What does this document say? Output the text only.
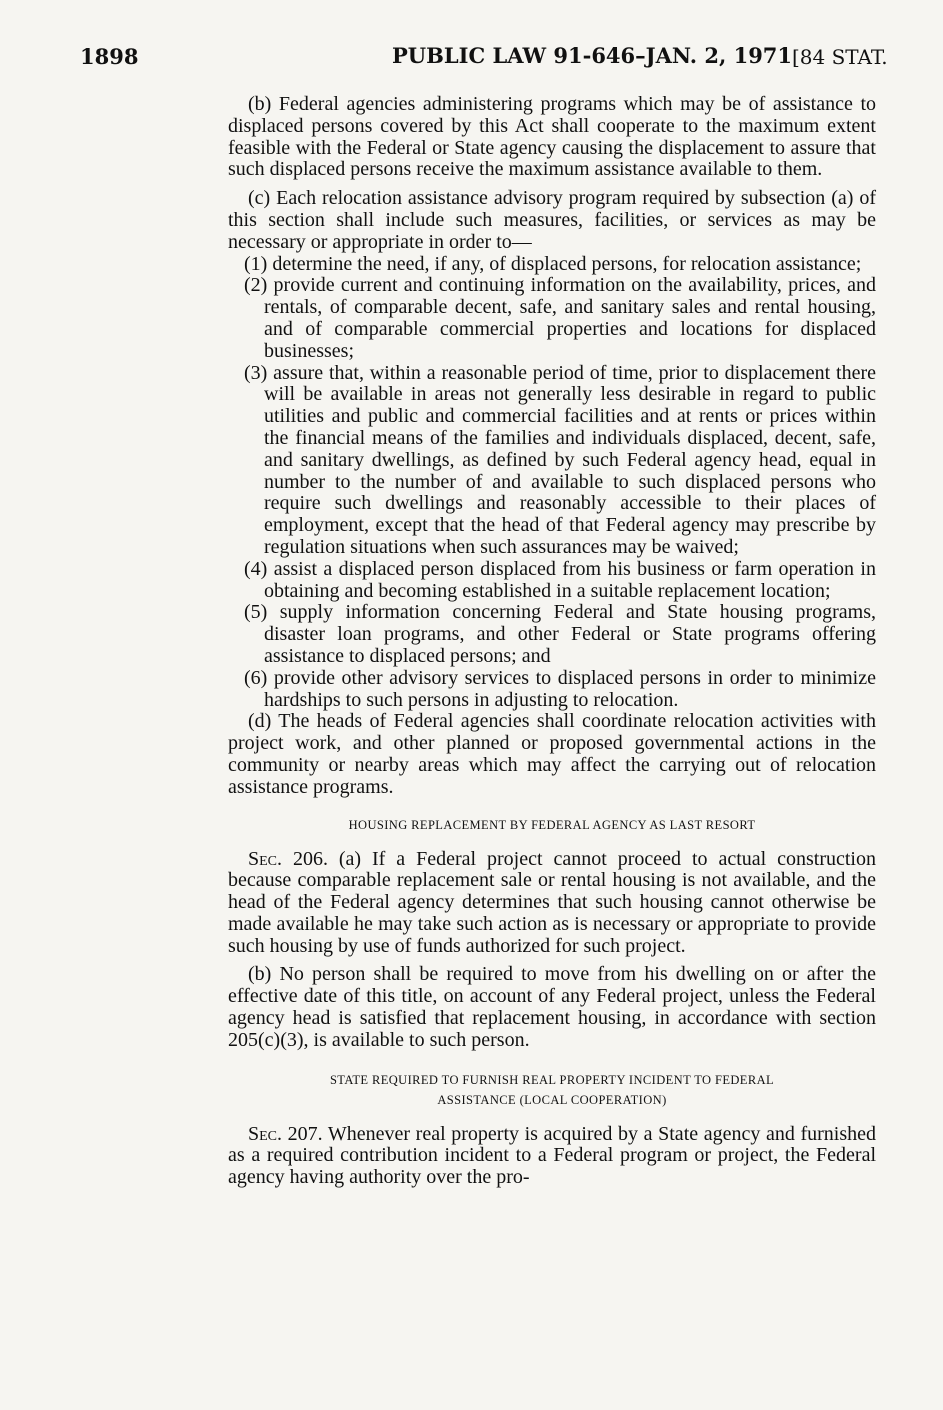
1898	PUBLIC LAW 91-646–JAN. 2, 1971 [84 STAT.

(b) Federal agencies administering programs which may be of assistance to displaced persons covered by this Act shall cooperate to the maximum extent feasible with the Federal or State agency causing the displacement to assure that such displaced persons receive the maximum assistance available to them.

(c) Each relocation assistance advisory program required by subsection (a) of this section shall include such measures, facilities, or services as may be necessary or appropriate in order to—

(1) determine the need, if any, of displaced persons, for relocation assistance;

(2) provide current and continuing information on the availability, prices, and rentals, of comparable decent, safe, and sanitary sales and rental housing, and of comparable commercial properties and locations for displaced businesses;

(3) assure that, within a reasonable period of time, prior to displacement there will be available in areas not generally less desirable in regard to public utilities and public and commercial facilities and at rents or prices within the financial means of the families and individuals displaced, decent, safe, and sanitary dwellings, as defined by such Federal agency head, equal in number to the number of and available to such displaced persons who require such dwellings and reasonably accessible to their places of employment, except that the head of that Federal agency may prescribe by regulation situations when such assurances may be waived;

(4) assist a displaced person displaced from his business or farm operation in obtaining and becoming established in a suitable replacement location;

(5) supply information concerning Federal and State housing programs, disaster loan programs, and other Federal or State programs offering assistance to displaced persons; and

(6) provide other advisory services to displaced persons in order to minimize hardships to such persons in adjusting to relocation.

(d) The heads of Federal agencies shall coordinate relocation activities with project work, and other planned or proposed governmental actions in the community or nearby areas which may affect the carrying out of relocation assistance programs.

HOUSING REPLACEMENT BY FEDERAL AGENCY AS LAST RESORT

Sec. 206. (a) If a Federal project cannot proceed to actual construction because comparable replacement sale or rental housing is not available, and the head of the Federal agency determines that such housing cannot otherwise be made available he may take such action as is necessary or appropriate to provide such housing by use of funds authorized for such project.

(b) No person shall be required to move from his dwelling on or after the effective date of this title, on account of any Federal project, unless the Federal agency head is satisfied that replacement housing, in accordance with section 205(c)(3), is available to such person.

STATE REQUIRED TO FURNISH REAL PROPERTY INCIDENT TO FEDERAL
ASSISTANCE (LOCAL COOPERATION)

Sec. 207. Whenever real property is acquired by a State agency and furnished as a required contribution incident to a Federal program or project, the Federal agency having authority over the pro-
